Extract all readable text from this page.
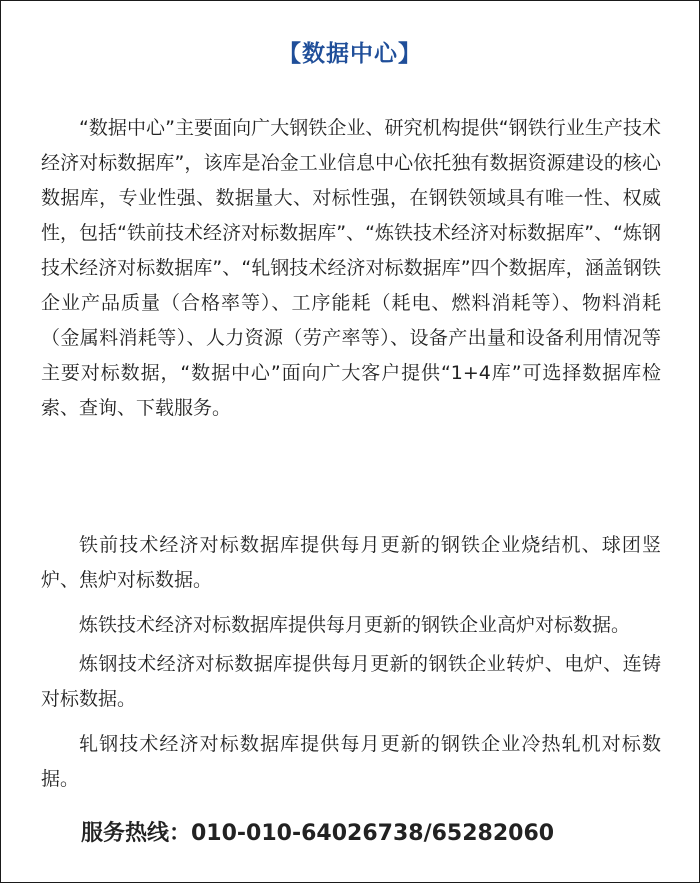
【数据中心】

“数据中心”主要面向广大钢铁企业、研究机构提供“钢铁行业生产技术经济对标数据库”，该库是冶金工业信息中心依托独有数据资源建设的核心数据库，专业性强、数据量大、对标性强，在钢铁领域具有唯一性、权威性，包括“铁前技术经济对标数据库”、“炼铁技术经济对标数据库”、“炼钢技术经济对标数据库”、“轧钢技术经济对标数据库”四个数据库，涵盖钢铁企业产品质量（合格率等）、工序能耗（耗电、燃料消耗等）、物料消耗（金属料消耗等）、人力资源（劳产率等）、设备产出量和设备利用情况等主要对标数据，“数据中心”面向广大客户提供“1+4库”可选择数据库检索、查询、下载服务。

铁前技术经济对标数据库提供每月更新的钢铁企业烧结机、球团竖炉、焦炉对标数据。

炼铁技术经济对标数据库提供每月更新的钢铁企业高炉对标数据。

炼钢技术经济对标数据库提供每月更新的钢铁企业转炉、电炉、连铸对标数据。

轧钢技术经济对标数据库提供每月更新的钢铁企业冷热轧机对标数据。

服务热线：010-010-64026738/65282060
